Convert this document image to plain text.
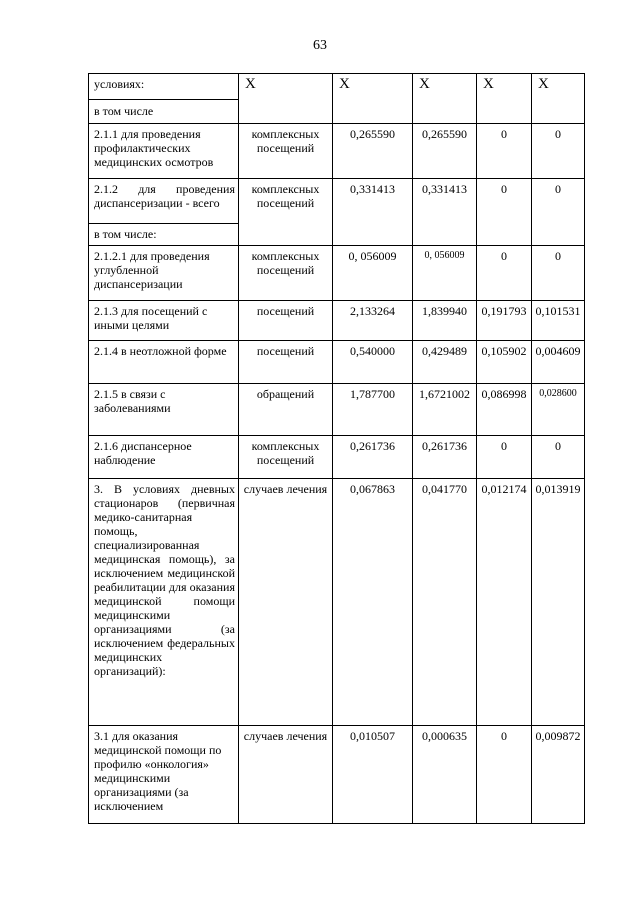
63
условиях:	X	X	X	X	X
в том числе					
2.1.1 для проведения профилактических медицинских осмотров	комплексных посещений	0,265590	0,265590	0	0
2.1.2 для проведения диспансеризации - всего	комплексных посещений	0,331413	0,331413	0	0
в том числе:					
2.1.2.1 для проведения углубленной диспансеризации	комплексных посещений	0, 056009	0, 056009	0	0
2.1.3 для посещений с иными целями	посещений	2,133264	1,839940	0,191793	0,101531
2.1.4 в неотложной форме	посещений	0,540000	0,429489	0,105902	0,004609
2.1.5 в связи с заболеваниями	обращений	1,787700	1,6721002	0,086998	0,028600
2.1.6 диспансерное наблюдение	комплексных посещений	0,261736	0,261736	0	0
3. В условиях дневных стационаров (первичная медико-санитарная помощь, специализированная медицинская помощь), за исключением медицинской реабилитации для оказания медицинской помощи медицинскими организациями (за исключением федеральных медицинских организаций):	случаев лечения	0,067863	0,041770	0,012174	0,013919
3.1 для оказания медицинской помощи по профилю «онкология» медицинскими организациями (за исключением	случаев лечения	0,010507	0,000635	0	0,009872
